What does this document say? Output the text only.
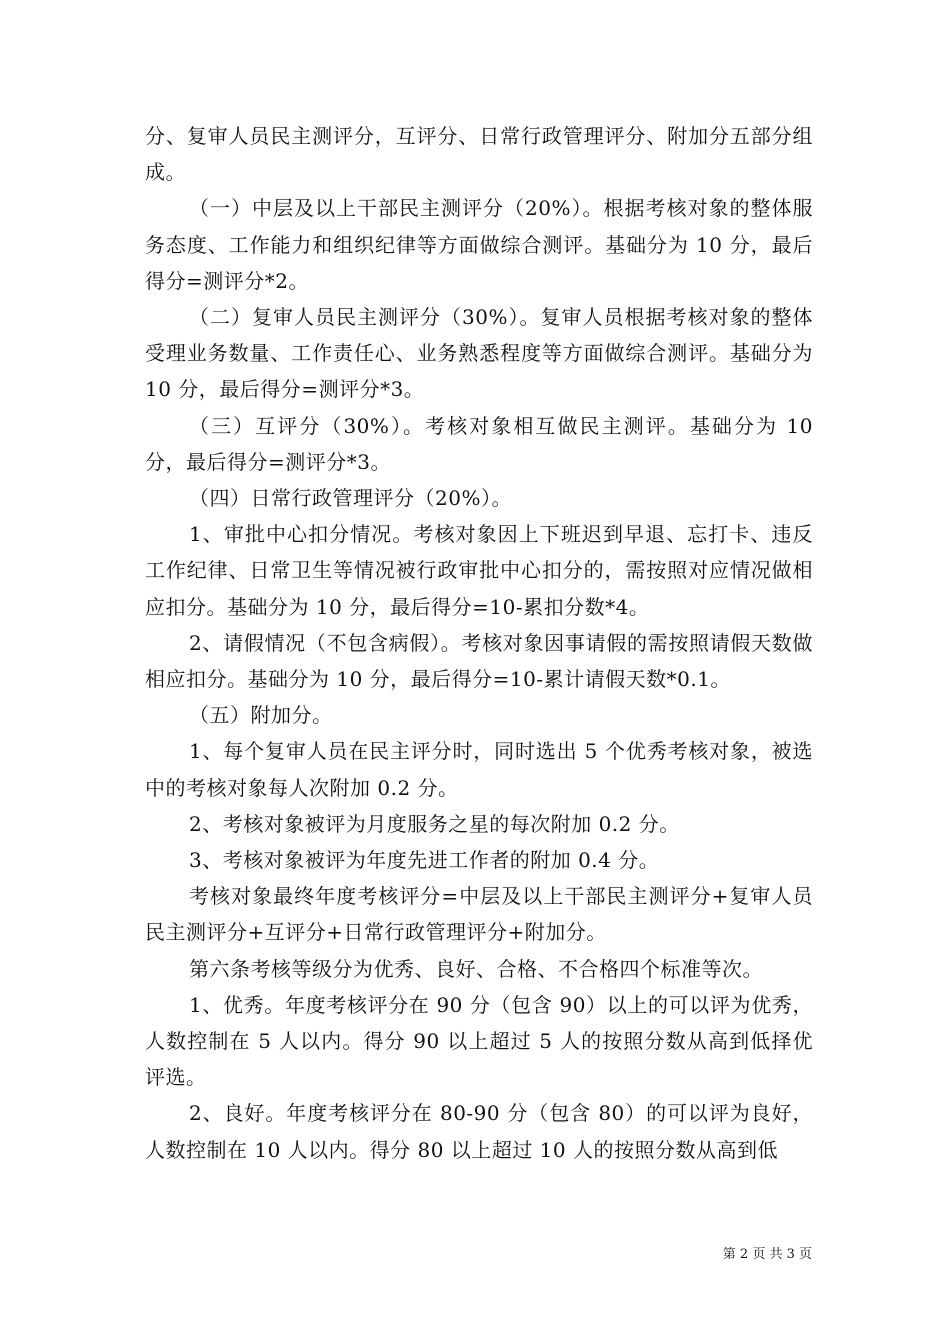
分、复审人员民主测评分，互评分、日常行政管理评分、附加分五部分组成。

（一）中层及以上干部民主测评分（20%）。根据考核对象的整体服务态度、工作能力和组织纪律等方面做综合测评。基础分为 10 分，最后得分=测评分*2。

（二）复审人员民主测评分（30%）。复审人员根据考核对象的整体受理业务数量、工作责任心、业务熟悉程度等方面做综合测评。基础分为 10 分，最后得分=测评分*3。

（三）互评分（30%）。考核对象相互做民主测评。基础分为 10 分，最后得分=测评分*3。

（四）日常行政管理评分（20%）。

1、审批中心扣分情况。考核对象因上下班迟到早退、忘打卡、违反工作纪律、日常卫生等情况被行政审批中心扣分的，需按照对应情况做相应扣分。基础分为 10 分，最后得分=10-累扣分数*4。

2、请假情况（不包含病假）。考核对象因事请假的需按照请假天数做相应扣分。基础分为 10 分，最后得分=10-累计请假天数*0.1。

（五）附加分。

1、每个复审人员在民主评分时，同时选出 5 个优秀考核对象，被选中的考核对象每人次附加 0.2 分。

2、考核对象被评为月度服务之星的每次附加 0.2 分。

3、考核对象被评为年度先进工作者的附加 0.4 分。

考核对象最终年度考核评分=中层及以上干部民主测评分+复审人员民主测评分+互评分+日常行政管理评分+附加分。

第六条考核等级分为优秀、良好、合格、不合格四个标准等次。

1、优秀。年度考核评分在 90 分（包含 90）以上的可以评为优秀，人数控制在 5 人以内。得分 90 以上超过 5 人的按照分数从高到低择优评选。

2、良好。年度考核评分在 80-90 分（包含 80）的可以评为良好，人数控制在 10 人以内。得分 80 以上超过 10 人的按照分数从高到低

第 2 页 共 3 页
